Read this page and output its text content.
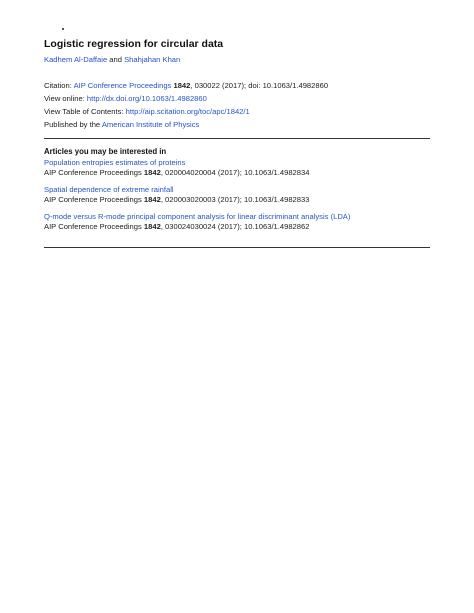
Logistic regression for circular data
Kadhem Al-Daffaie and Shahjahan Khan
Citation: AIP Conference Proceedings 1842, 030022 (2017); doi: 10.1063/1.4982860
View online: http://dx.doi.org/10.1063/1.4982860
View Table of Contents: http://aip.scitation.org/toc/apc/1842/1
Published by the American Institute of Physics
Articles you may be interested in
Population entropies estimates of proteins
AIP Conference Proceedings 1842, 020004020004 (2017); 10.1063/1.4982834
Spatial dependence of extreme rainfall
AIP Conference Proceedings 1842, 020003020003 (2017); 10.1063/1.4982833
Q-mode versus R-mode principal component analysis for linear discriminant analysis (LDA)
AIP Conference Proceedings 1842, 030024030024 (2017); 10.1063/1.4982862
